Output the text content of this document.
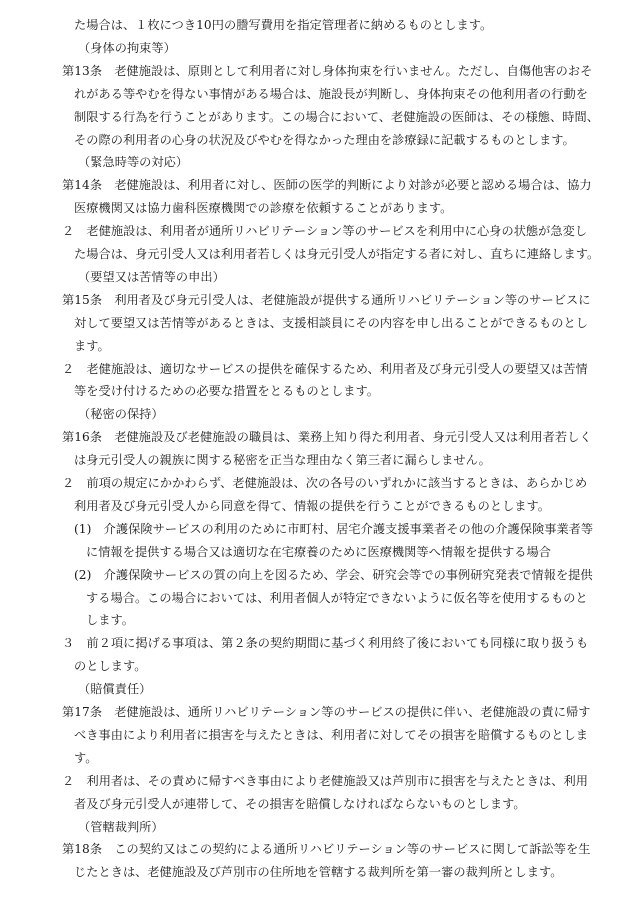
た場合は、１枚につき10円の謄写費用を指定管理者に納めるものとします。
（身体の拘束等）
第13条　老健施設は、原則として利用者に対し身体拘束を行いません。ただし、自傷他害のおそ
れがある等やむを得ない事情がある場合は、施設長が判断し、身体拘束その他利用者の行動を
制限する行為を行うことがあります。この場合において、老健施設の医師は、その様態、時間、
その際の利用者の心身の状況及びやむを得なかった理由を診療録に記載するものとします。
（緊急時等の対応）
第14条　老健施設は、利用者に対し、医師の医学的判断により対診が必要と認める場合は、協力
医療機関又は協力歯科医療機関での診療を依頼することがあります。
２　老健施設は、利用者が通所リハビリテーション等のサービスを利用中に心身の状態が急変し
た場合は、身元引受人又は利用者若しくは身元引受人が指定する者に対し、直ちに連絡します。
（要望又は苦情等の申出）
第15条　利用者及び身元引受人は、老健施設が提供する通所リハビリテーション等のサービスに
対して要望又は苦情等があるときは、支援相談員にその内容を申し出ることができるものとし
ます。
２　老健施設は、適切なサービスの提供を確保するため、利用者及び身元引受人の要望又は苦情
等を受け付けるための必要な措置をとるものとします。
（秘密の保持）
第16条　老健施設及び老健施設の職員は、業務上知り得た利用者、身元引受人又は利用者若しく
は身元引受人の親族に関する秘密を正当な理由なく第三者に漏らしません。
２　前項の規定にかかわらず、老健施設は、次の各号のいずれかに該当するときは、あらかじめ
利用者及び身元引受人から同意を得て、情報の提供を行うことができるものとします。
(1)　介護保険サービスの利用のために市町村、居宅介護支援事業者その他の介護保険事業者等
に情報を提供する場合又は適切な在宅療養のために医療機関等へ情報を提供する場合
(2)　介護保険サービスの質の向上を図るため、学会、研究会等での事例研究発表で情報を提供
する場合。この場合においては、利用者個人が特定できないように仮名等を使用するものと
します。
３　前２項に掲げる事項は、第２条の契約期間に基づく利用終了後においても同様に取り扱うも
のとします。
（賠償責任）
第17条　老健施設は、通所リハビリテーション等のサービスの提供に伴い、老健施設の責に帰す
べき事由により利用者に損害を与えたときは、利用者に対してその損害を賠償するものとしま
す。
２　利用者は、その責めに帰すべき事由により老健施設又は芦別市に損害を与えたときは、利用
者及び身元引受人が連帯して、その損害を賠償しなければならないものとします。
（管轄裁判所）
第18条　この契約又はこの契約による通所リハビリテーション等のサービスに関して訴訟等を生
じたときは、老健施設及び芦別市の住所地を管轄する裁判所を第一審の裁判所とします。
